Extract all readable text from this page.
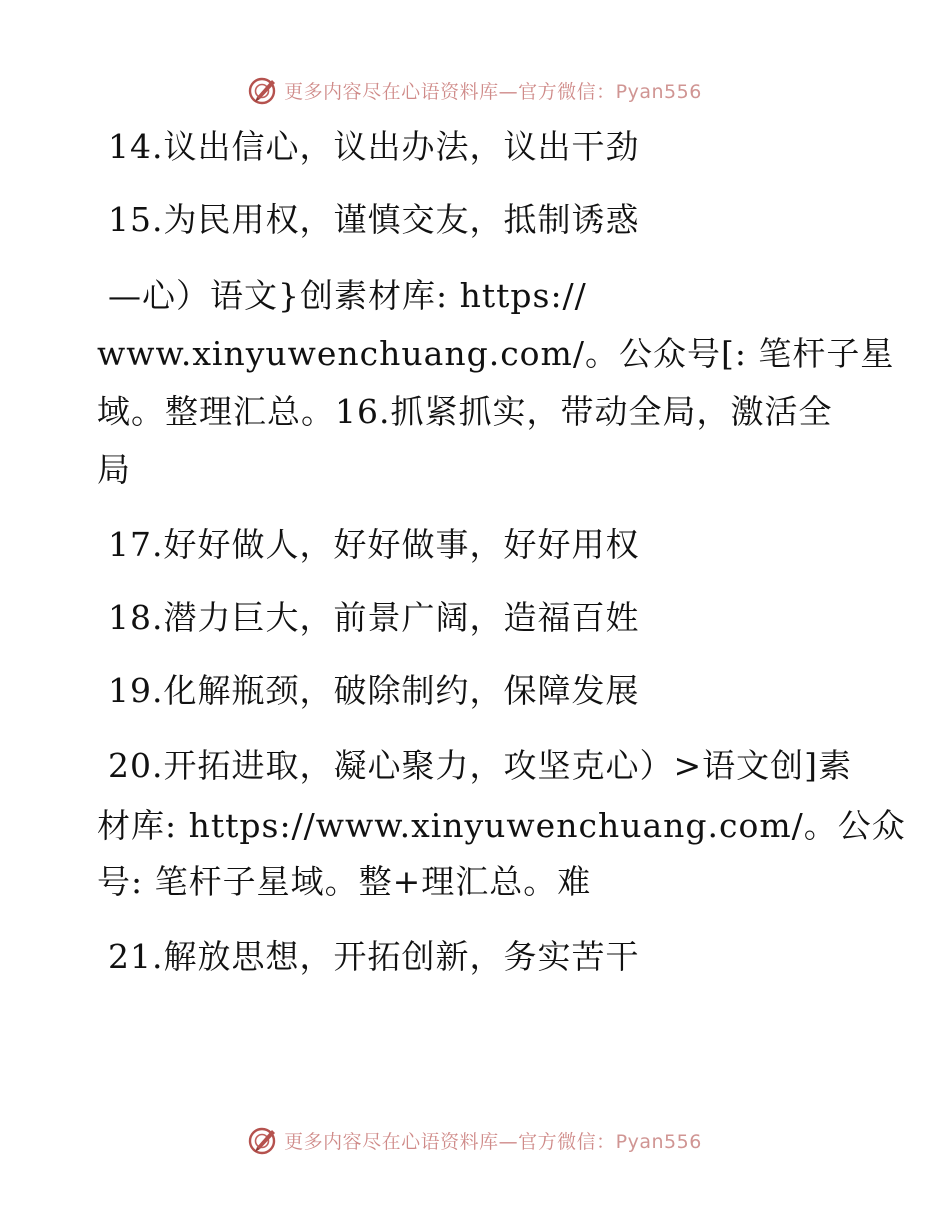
更多内容尽在心语资料库—官方微信：Pyan556
14.议出信心，议出办法，议出干劲
15.为民用权，谨慎交友，抵制诱惑
—心）语文}创素材库: https://
www.xinyuwenchuang.com/。公众号[: 笔杆子星
域。整理汇总。16.抓紧抓实，带动全局，激活全
局
17.好好做人，好好做事，好好用权
18.潜力巨大，前景广阔，造福百姓
19.化解瓶颈，破除制约，保障发展
20.开拓进取，凝心聚力，攻坚克心）>语文创]素
材库: https://www.xinyuwenchuang.com/。公众
号: 笔杆子星域。整+理汇总。难
21.解放思想，开拓创新，务实苦干
更多内容尽在心语资料库—官方微信：Pyan556
